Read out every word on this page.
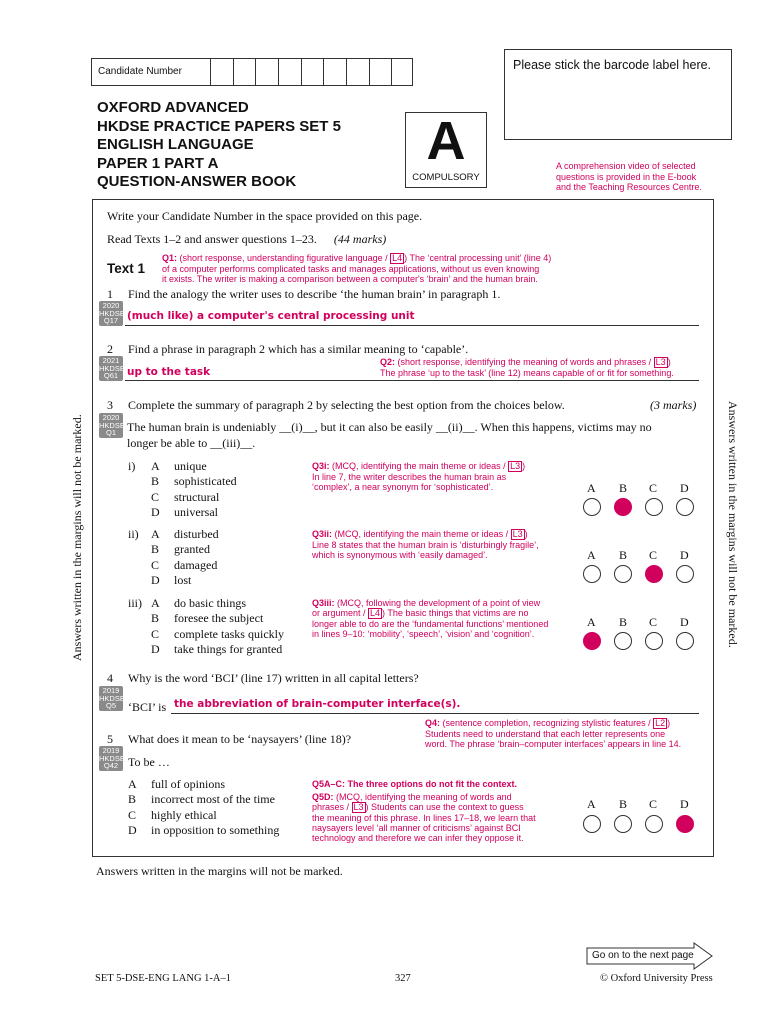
Candidate Number	Please stick the barcode label here.
OXFORD ADVANCED
HKDSE PRACTICE PAPERS SET 5
ENGLISH LANGUAGE
PAPER 1 PART A
QUESTION-ANSWER BOOK
A
COMPULSORY
A comprehension video of selected
questions is provided in the E-book
and the Teaching Resources Centre.
Answers written in the margins will not be marked.	Answers written in the margins will not be marked.
Write your Candidate Number in the space provided on this page.
Read Texts 1–2 and answer questions 1–23. (44 marks)
Text 1
Q1: (short response, understanding figurative language / L4 ) The ‘central processing unit’ (line 4)
of a computer performs complicated tasks and manages applications, without us even knowing
it exists. The writer is making a comparison between a computer's ‘brain’ and the human brain.
1 Find the analogy the writer uses to describe ‘the human brain’ in paragraph 1.
2020
HKDSE
Q17 (much like) a computer's central processing unit
2 Find a phrase in paragraph 2 which has a similar meaning to ‘capable’.
2021
HKDSE
Q61
Q2: (short response, identifying the meaning of words and phrases / L3 )
The phrase ‘up to the task’ (line 12) means capable of or fit for something.
up to the task
3 Complete the summary of paragraph 2 by selecting the best option from the choices below.	(3 marks)
2020
HKDSE
Q1 The human brain is undeniably __(i)__, but it can also be easily __(ii)__. When this happens, victims may no
longer be able to __(iii)__.
i) A unique
B sophisticated
C structural
D universal
Q3i: (MCQ, identifying the main theme or ideas / L3 )
In line 7, the writer describes the human brain as
‘complex’, a near synonym for ‘sophisticated’.	A B C D
ii) A disturbed
B granted
C damaged
D lost
Q3ii: (MCQ, identifying the main theme or ideas / L3 )
Line 8 states that the human brain is ‘disturbingly fragile’,
which is synonymous with ‘easily damaged’.	A B C D
iii) A do basic things
B foresee the subject
C complete tasks quickly
D take things for granted
Q3iii: (MCQ, following the development of a point of view
or argument / L4 ) The basic things that victims are no
longer able to do are the ‘fundamental functions’ mentioned
in lines 9–10: ‘mobility’, ‘speech’, ‘vision’ and ‘cognition’.
A B C D
4 Why is the word ‘BCI’ (line 17) written in all capital letters?
2019
HKDSE
Q5	‘BCI’ is the abbreviation of brain-computer interface(s).
Q4: (sentence completion, recognizing stylistic features / L2 )
Students need to understand that each letter represents one
word. The phrase ‘brain–computer interfaces’ appears in line 14.
5 What does it mean to be ‘naysayers’ (line 18)?
2019
HKDSE
Q42 To be …
A full of opinions
B incorrect most of the time
C highly ethical
D in opposition to something
Q5A–C: The three options do not fit the context.
Q5D: (MCQ, identifying the meaning of words and
phrases / L3 ) Students can use the context to guess
the meaning of this phrase. In lines 17–18, we learn that
naysayers level ‘all manner of criticisms’ against BCI
technology and therefore we can infer they oppose it.
A B C D
Answers written in the margins will not be marked.
Go on to the next page
SET 5-DSE-ENG LANG 1-A–1	327	© Oxford University Press
